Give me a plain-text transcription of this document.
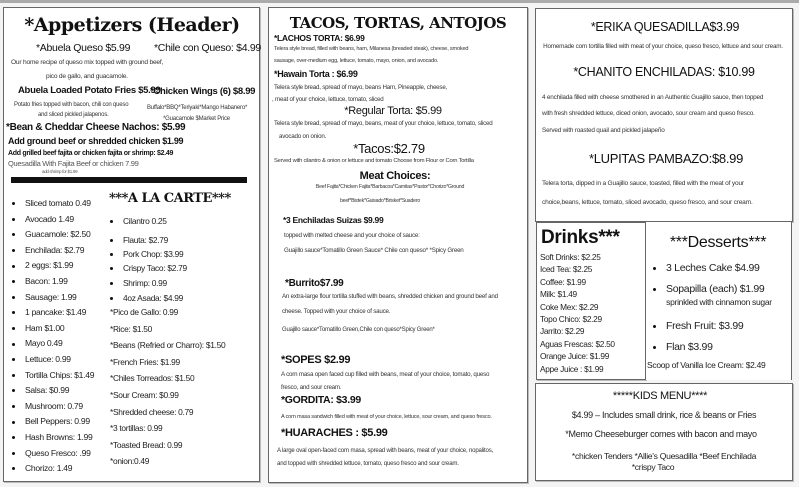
*Appetizers (Header)
*Abuela Queso $5.99 *Chile con Queso: $4.99
Our home recipe of queso mix topped with ground beef,
pico de gallo, and guacamole.
Abuela Loaded Potato Fries $5.99
*Chicken Wings (6) $8.99
Potato fries topped with bacon, chili con queso
and sliced pickled jalapenos.
Buffalo*BBQ*Teriyaki*Mango Habanero*
*Guacamole $Market Price
*Bean & Cheddar Cheese Nachos: $5.99
Add ground beef or shredded chicken $1.99
Add grilled beef fajita or chicken fajita or shrimp: $2.49
Quesadilla With Fajita Beef or chicken 7.99
add shrimp for $1.99
***A LA CARTE***
Sliced tomato 0.49
Avocado 1.49
Guacamole: $2.50
Enchilada: $2.79
2 eggs: $1.99
Bacon: 1.99
Sausage: 1.99
1 pancake: $1.49
Ham $1.00
Mayo 0.49
Lettuce: 0.99
Tortilla Chips: $1.49
Salsa: $0.99
Mushroom: 0.79
Bell Peppers: 0.99
Hash Browns: 1.99
Queso Fresco: .99
Chorizo: 1.49
Cilantro 0.25
Flauta: $2.79
Pork Chop: $3.99
Crispy Taco: $2.79
Shrimp: 0.99
4oz Asada: $4.99
*Pico de Gallo: 0.99
*Rice: $1.50
*Beans (Refried or Charro): $1.50
*French Fries: $1.99
*Chiles Torreados: $1.50
*Sour Cream: $0.99
*Shredded cheese: 0.79
*3 tortillas: 0.99
*Toasted Bread: 0.99
*onion:0.49
TACOS, TORTAS, ANTOJOS
*LACHOS TORTA: $6.99
Telera style bread, filled with beans, ham, Milanesa (breaded steak), cheese, smoked
sausage, over-medium egg, lettuce, tomato, mayo, onion, and avocado.
*Hawain Torta : $6.99
Telera style bread, spread of mayo, beans Ham, Pineapple, cheese,
, meat of your choice, lettuce, tomato, sliced
*Regular Torta: $5.99
Telera style bread, spread of mayo, beans, meat of your choice, lettuce, tomato, sliced
avocado on onion.
*Tacos:$2.79
Served with cilantro & onion or lettuce and tomato Choose from Flour or Corn Tortilla
Meat Choices:
Beef Fajita*Chicken Fajita*Barbacoa*Carnitas*Pastor*Chorizo*Ground
beef*Bistek*Guisado*Brisket*Suadero
*3 Enchiladas Suizas $9.99
topped with melted cheese and your choice of sauce:
Guajillo sauce*Tomatillo Green Sauce* Chile con queso* *Spicy Green
*Burrito$7.99
An extra-large flour tortilla stuffed with beans, shredded chicken and ground beef and
cheese. Topped with your choice of sauce.
Guajillo sauce*Tomatillo Green,Chile con queso*Spicy Green*
*SOPES $2.99
A corn masa open faced cup filled with beans, meat of your choice, tomato, queso
fresco, and sour cream.
*GORDITA: $3.99
A corn masa sandwich filled with meat of your choice, lettuce, sour cream, and queso fresco.
*HUARACHES : $5.99
A large oval open-faced corn masa, spread with beans, meat of your choice, nopalitos,
and topped with shredded lettuce, tomato, queso fresco and sour cream.
*ERIKA QUESADILLA$3.99
Homemade corn tortilla filled with meat of your choice, queso fresco, lettuce and sour cream.
*CHANITO ENCHILADAS: $10.99
4 enchilada filled with cheese smothered in an Authentic Guajillo sauce, then topped
with fresh shredded lettuce, diced onion, avocado, sour cream and queso fresco.
Served with roasted quail and pickled jalapeño
*LUPITAS PAMBAZO:$8.99
Telera torta, dipped in a Guajillo sauce, toasted, filled with the meat of your
choice,beans, lettuce, tomato, sliced avocado, queso fresco, and sour cream.
Drinks***
Soft Drinks: $2.25
Iced Tea: $2.25
Coffee: $1.99
Milk: $1.49
Coke Mex: $2.29
Topo Chico: $2.29
Jarrito: $2.29
Aguas Frescas: $2.50
Orange Juice: $1.99
Appe Juice : $1.99
***Desserts***
3 Leches Cake $4.99
Sopapilla (each) $1.99
sprinkled with cinnamon sugar
Fresh Fruit: $3.99
Flan $3.99
Scoop of Vanilla Ice Cream: $2.49
*****KIDS MENU****
$4.99 – Includes small drink, rice & beans or Fries
*Memo Cheeseburger comes with bacon and mayo
*chicken Tenders *Allie's Quesadilla *Beef Enchilada
*crispy Taco
